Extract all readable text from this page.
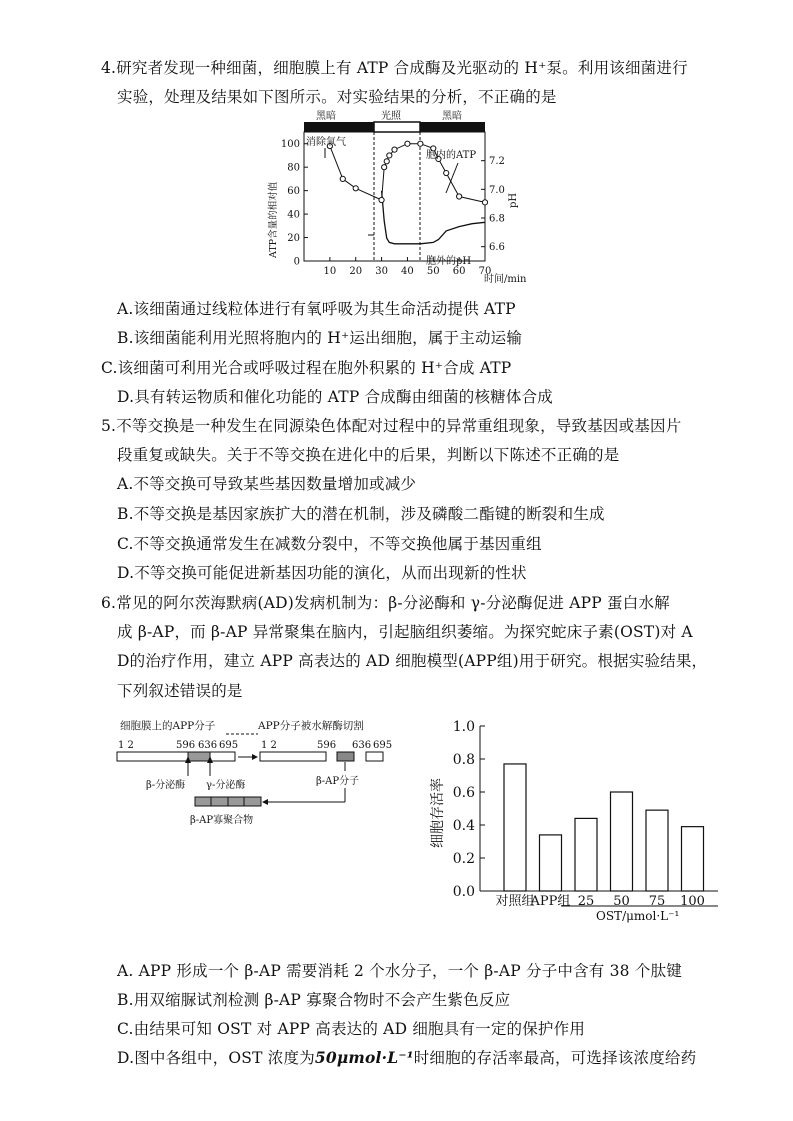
4.研究者发现一种细菌，细胞膜上有 ATP 合成酶及光驱动的 H⁺泵。利用该细菌进行
实验，处理及结果如下图所示。对实验结果的分析，不正确的是
黑暗	光照	黑暗
ATP含量的相对值	pH
时间/min
100
80
60
40
20
0
7.2
7.0
6.8
6.6
10 20 30 40 50 60 70
消除氧气
胞内的ATP
胞外的pH
A.该细菌通过线粒体进行有氧呼吸为其生命活动提供 ATP
B.该细菌能利用光照将胞内的 H⁺运出细胞，属于主动运输
C.该细菌可利用光合或呼吸过程在胞外积累的 H⁺合成 ATP
D.具有转运物质和催化功能的 ATP 合成酶由细菌的核糖体合成
5.不等交换是一种发生在同源染色体配对过程中的异常重组现象，导致基因或基因片
段重复或缺失。关于不等交换在进化中的后果，判断以下陈述不正确的是
A.不等交换可导致某些基因数量增加或减少
B.不等交换是基因家族扩大的潜在机制，涉及磷酸二酯键的断裂和生成
C.不等交换通常发生在减数分裂中，不等交换他属于基因重组
D.不等交换可能促进新基因功能的演化，从而出现新的性状
6.常见的阿尔茨海默病(AD)发病机制为：β-分泌酶和 γ-分泌酶促进 APP 蛋白水解
成 β-AP，而 β-AP 异常聚集在脑内，引起脑组织萎缩。为探究蛇床子素(OST)对 A
D的治疗作用，建立 APP 高表达的 AD 细胞模型(APP组)用于研究。根据实验结果，
下列叙述错误的是
细胞膜上的APP分子	APP分子被水解酶切割
1 2	596 636 695
β-分泌酶 γ-分泌酶
1 2	596 636 695
β-AP分子
β-AP寡聚合物	细胞存活率
1.0
0.8
0.6
0.4
0.2
0.0
对照组
APP组 25 50 75 100
OST/μmol·L⁻¹
A. APP 形成一个 β-AP 需要消耗 2 个水分子，一个 β-AP 分子中含有 38 个肽键
B.用双缩脲试剂检测 β-AP 寡聚合物时不会产生紫色反应
C.由结果可知 OST 对 APP 高表达的 AD 细胞具有一定的保护作用
D.图中各组中，OST 浓度为50μmol·L⁻¹时细胞的存活率最高，可选择该浓度给药
